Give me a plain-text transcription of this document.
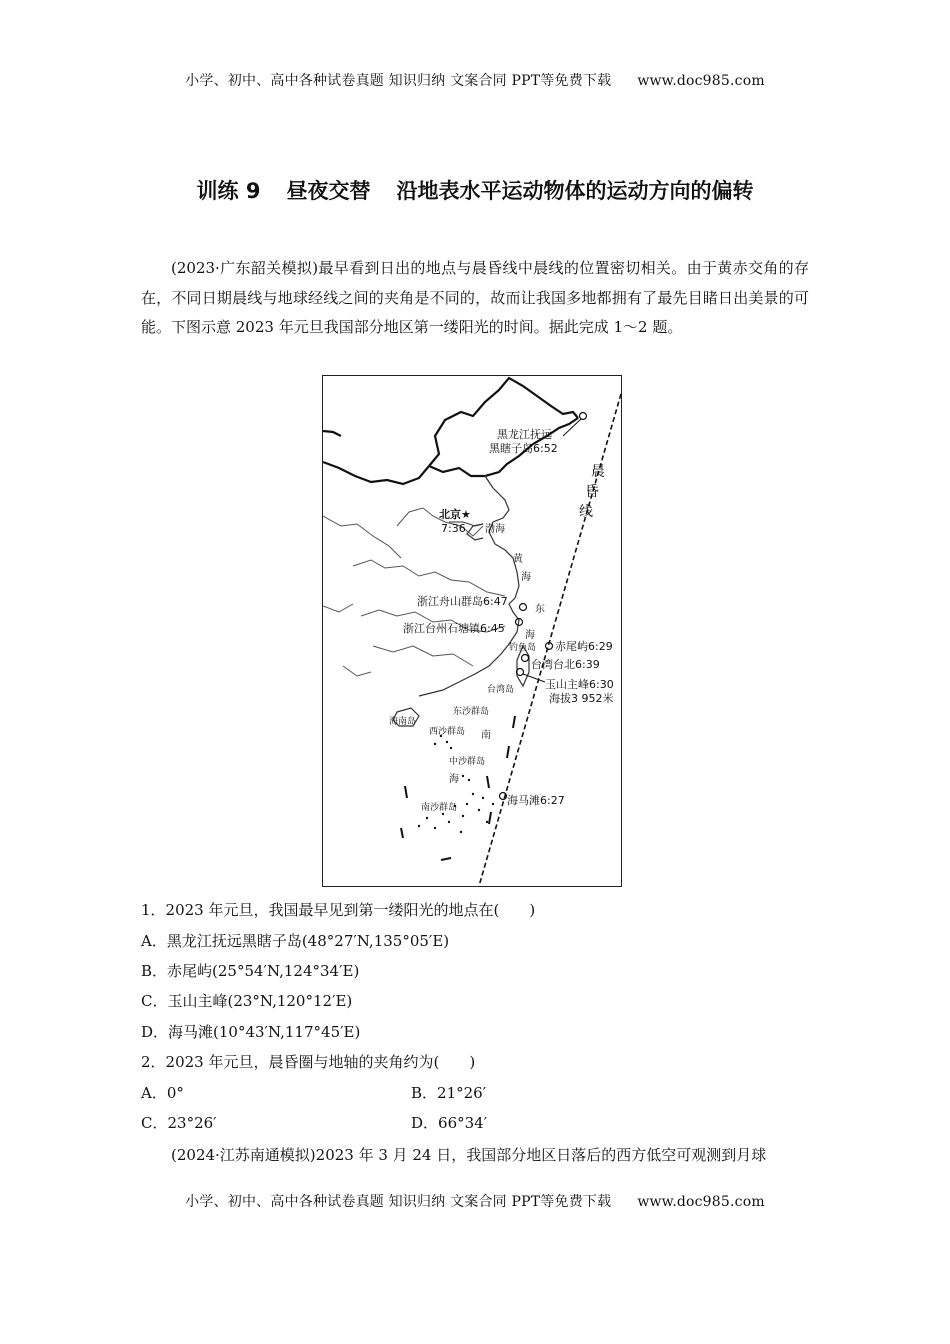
小学、初中、高中各种试卷真题 知识归纳 文案合同 PPT等免费下载 www.doc985.com
训练 9 昼夜交替 沿地表水平运动物体的运动方向的偏转
(2023·广东韶关模拟)最早看到日出的地点与晨昏线中晨线的位置密切相关。由于黄赤交角的存在，不同日期晨线与地球经线之间的夹角是不同的，故而让我国多地都拥有了最先目睹日出美景的可能。下图示意 2023 年元旦我国部分地区第一缕阳光的时间。据此完成 1～2 题。
黑龙江抚远
黑瞎子岛6:52
北京★
7:36 渤海
黄
海
浙江舟山群岛6:47
东
海
浙江台州石塘镇6:45
钓鱼岛 赤尾屿6:29
台湾台北6:39
玉山主峰6:30
海拔3 952米
台湾岛
东沙群岛
海南岛
西沙群岛 南
中沙群岛
海
南沙群岛
海马滩6:27
晨
昏
线
1．2023 年元旦，我国最早见到第一缕阳光的地点在(　　)
A．黑龙江抚远黑瞎子岛(48°27′N,135°05′E)
B．赤尾屿(25°54′N,124°34′E)
C．玉山主峰(23°N,120°12′E)
D．海马滩(10°43′N,117°45′E)
2．2023 年元旦，晨昏圈与地轴的夹角约为(　　)
A．0°	B．21°26′
C．23°26′	D．66°34′
(2024·江苏南通模拟)2023 年 3 月 24 日，我国部分地区日落后的西方低空可观测到月球
小学、初中、高中各种试卷真题 知识归纳 文案合同 PPT等免费下载 www.doc985.com
